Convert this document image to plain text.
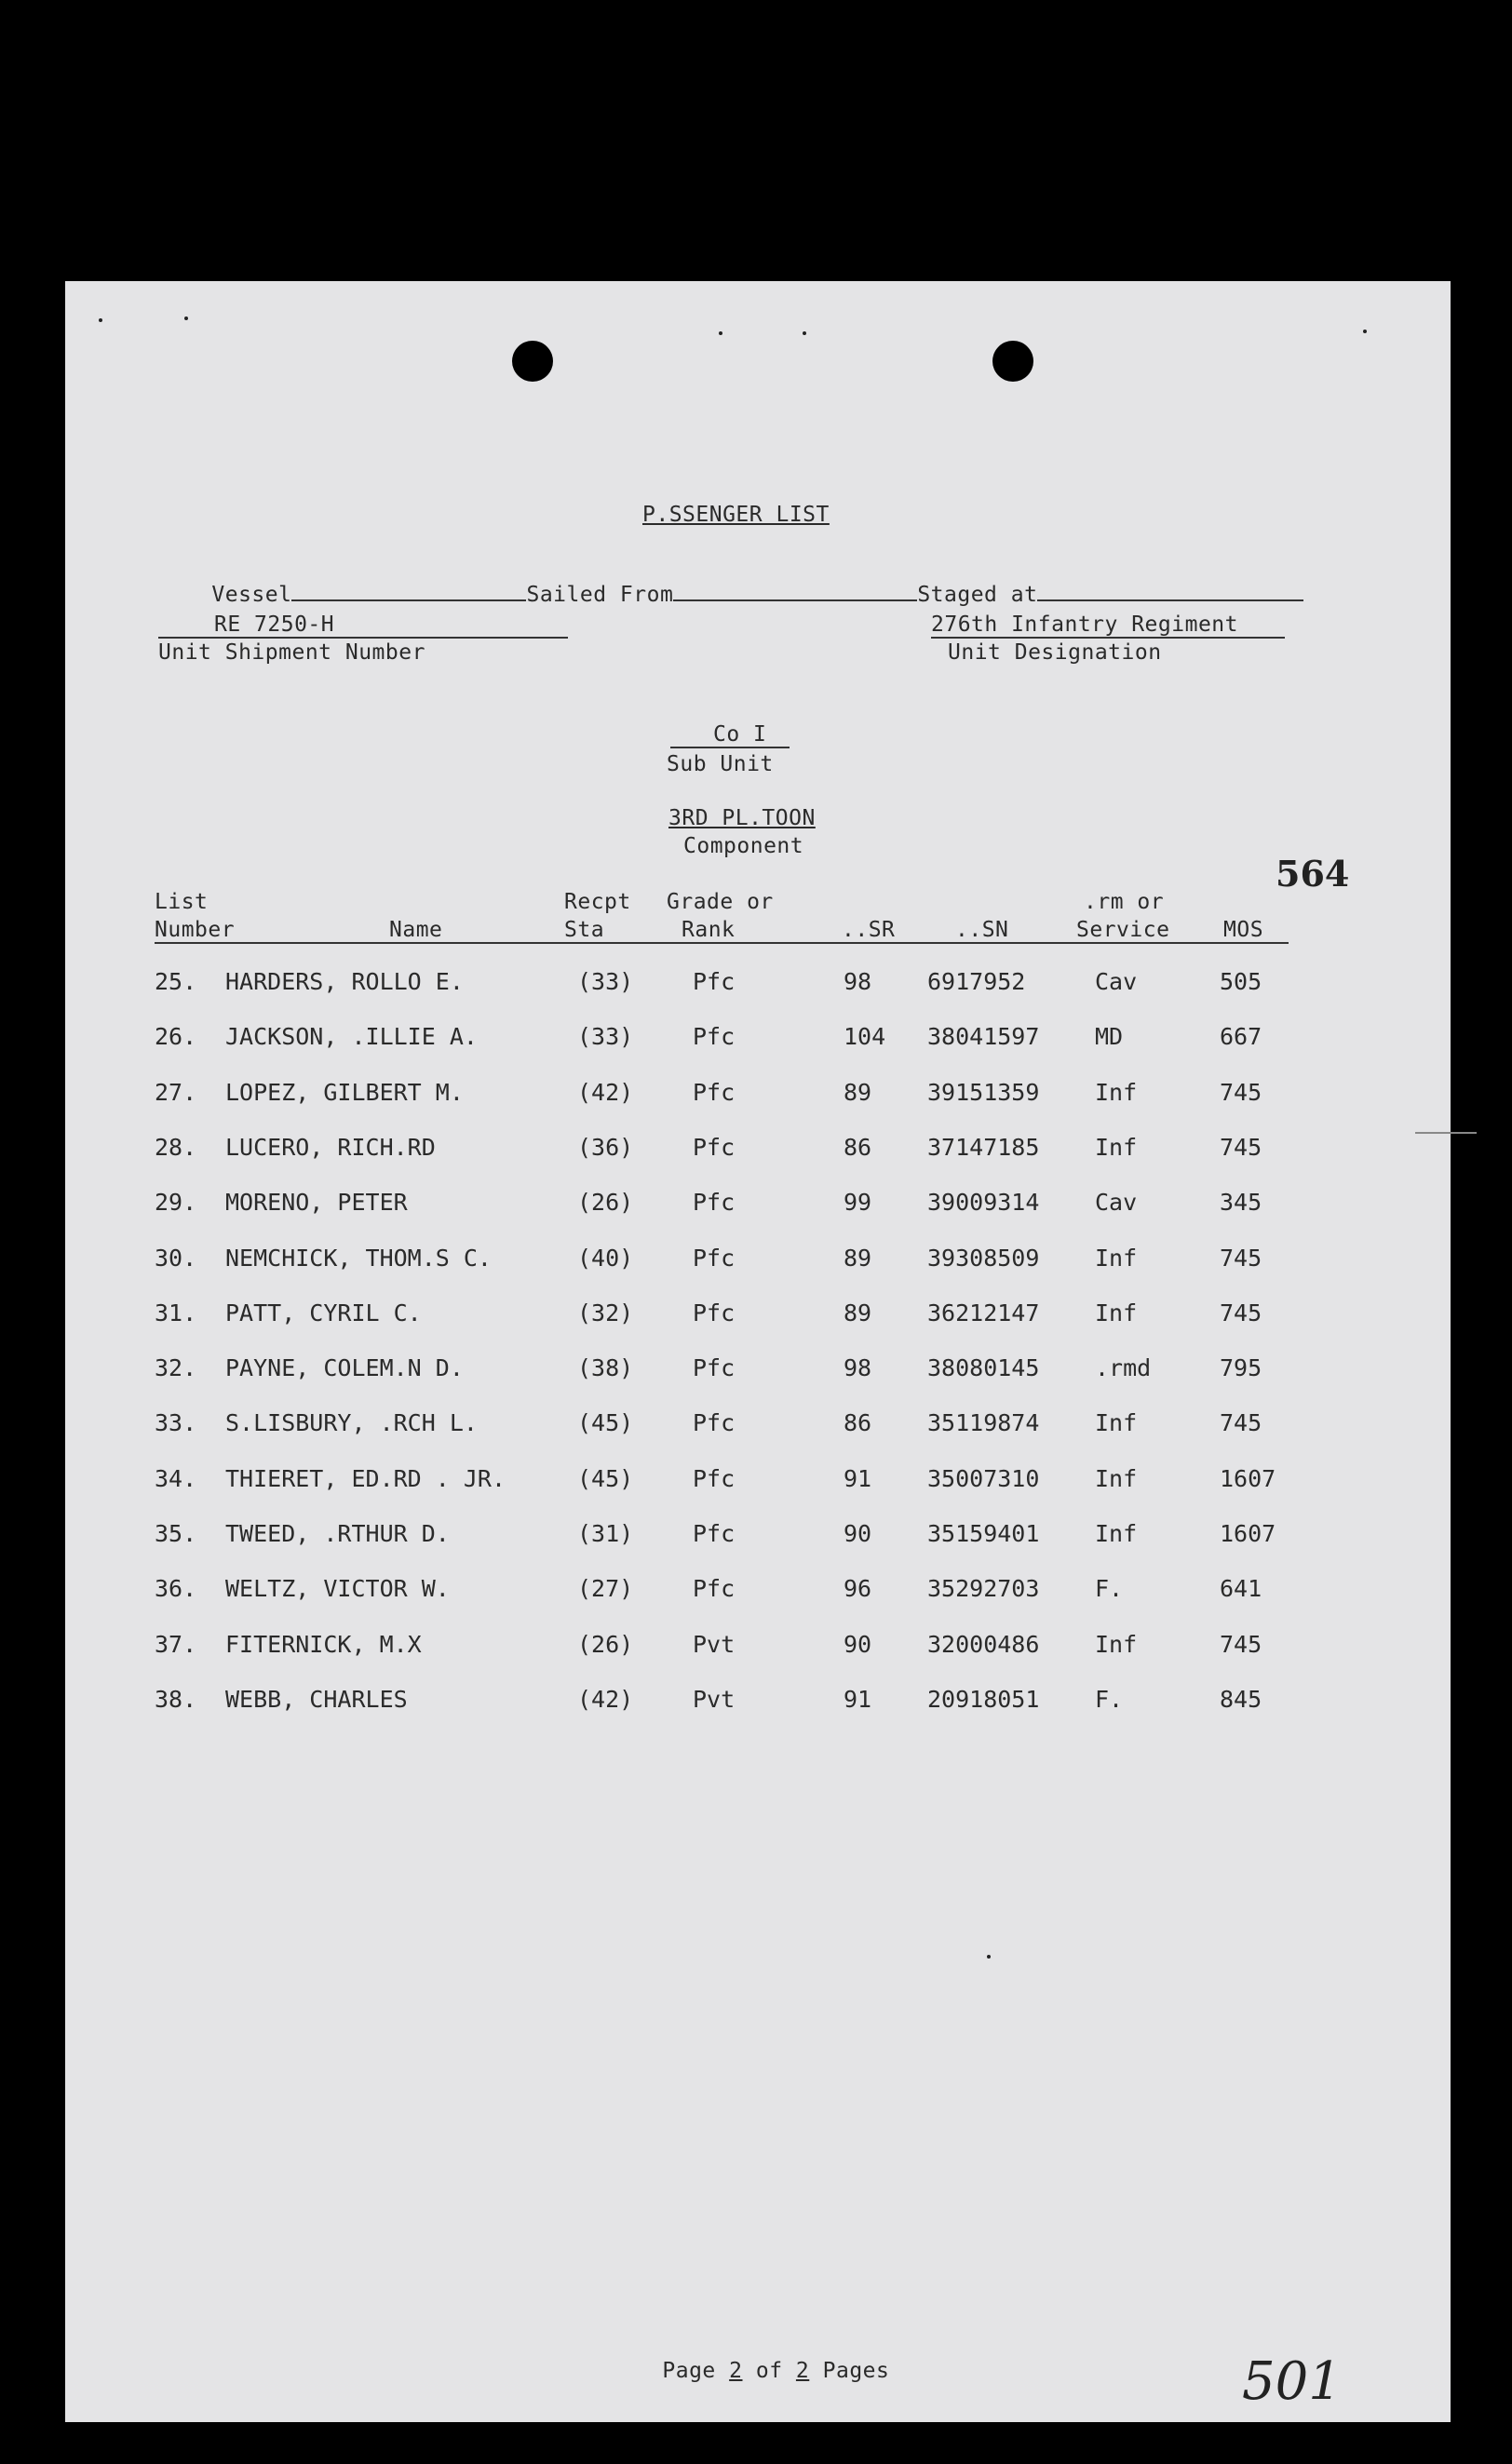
P.SSENGER LIST

Vessel	Sailed From	Staged at

RE 7250-H
Unit Shipment Number
276th Infantry Regiment
Unit Designation
Co I
Sub Unit
3RD PL.TOON
Component
564
List
Number	Name
Recpt
Sta
Grade or
Rank	..SR	..SN
.rm or
Service	MOS
25. HARDERS, ROLLO E.	(33)	Pfc	98 6917952	Cav	505
26. JACKSON, .ILLIE A.	(33)	Pfc	104 38041597 MD	667
27. LOPEZ, GILBERT M.	(42)	Pfc	89 39151359 Inf	745
28. LUCERO, RICH.RD	(36)	Pfc	86 37147185 Inf	745
29. MORENO, PETER	(26)	Pfc	99 39009314 Cav	345
30. NEMCHICK, THOM.S C.	(40)	Pfc	89 39308509 Inf	745
31. PATT, CYRIL C.	(32)	Pfc	89 36212147 Inf	745
32. PAYNE, COLEM.N D.	(38)	Pfc	98 38080145 .rmd	795
33. S.LISBURY, .RCH L.	(45)	Pfc	86 35119874 Inf	745
34. THIERET, ED.RD . JR.	(45)	Pfc	91 35007310 Inf	1607
35. TWEED, .RTHUR D.	(31)	Pfc	90 35159401 Inf	1607
36. WELTZ, VICTOR W.	(27)	Pfc	96 35292703 F.	641
37. FITERNICK, M.X	(26)	Pvt	90 32000486 Inf	745
38. WEBB, CHARLES	(42)	Pvt	91 20918051 F.	845

Page 2 of 2 Pages
	501
